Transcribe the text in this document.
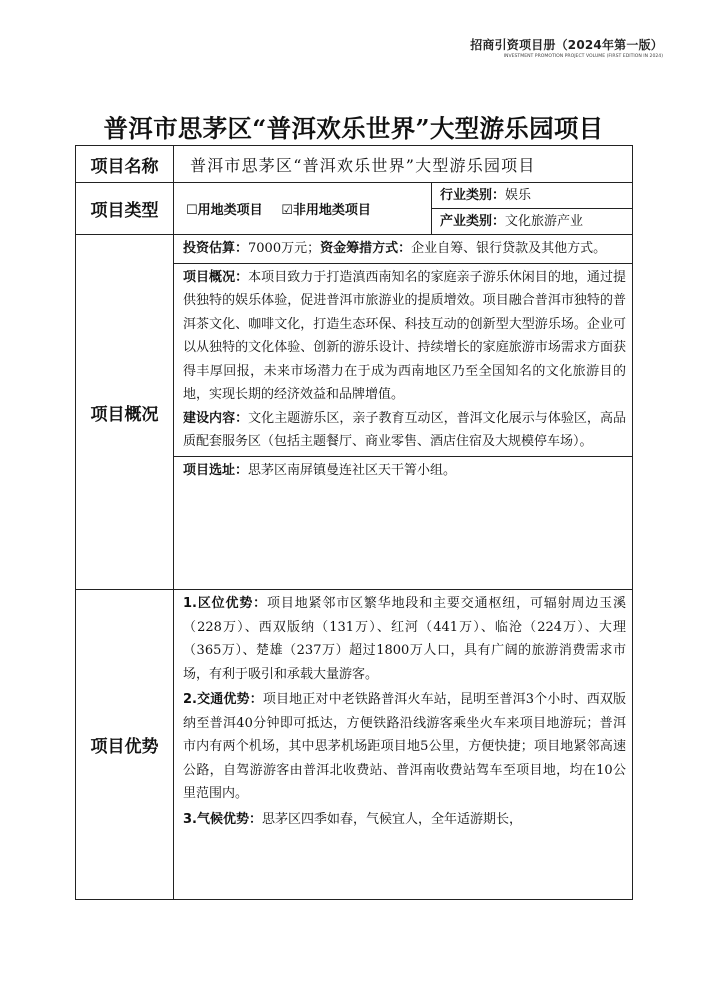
招商引资项目册（2024年第一版）
INVESTMENT PROMOTION PROJECT VOLUME (FIRST EDITION IN 2024)
普洱市思茅区“普洱欢乐世界”大型游乐园项目
项目名称	普洱市思茅区“普洱欢乐世界”大型游乐园项目	
项目类型	☐用地类项目 ☑非用地类项目	行业类别：娱乐
产业类别：文化旅游产业

项目概况	投资估算：7000万元；资金筹措方式：企业自筹、银行贷款及其他方式。
项目概况：本项目致力于打造滇西南知名的家庭亲子游乐休闲目的地，通过提供独特的娱乐体验，促进普洱市旅游业的提质增效。项目融合普洱市独特的普洱茶文化、咖啡文化，打造生态环保、科技互动的创新型大型游乐场。企业可以从独特的文化体验、创新的游乐设计、持续增长的家庭旅游市场需求方面获得丰厚回报，未来市场潜力在于成为西南地区乃至全国知名的文化旅游目的地，实现长期的经济效益和品牌增值。
建设内容：文化主题游乐区，亲子教育互动区，普洱文化展示与体验区，高品质配套服务区（包括主题餐厅、商业零售、酒店住宿及大规模停车场）。
项目选址：思茅区南屏镇曼连社区天干箐小组。	

项目优势	1.区位优势：项目地紧邻市区繁华地段和主要交通枢纽，可辐射周边玉溪（228万）、西双版纳（131万）、红河（441万）、临沧（224万）、大理（365万）、楚雄（237万）超过1800万人口，具有广阔的旅游消费需求市场，有利于吸引和承载大量游客。
2.交通优势：项目地正对中老铁路普洱火车站，昆明至普洱3个小时、西双版纳至普洱40分钟即可抵达，方便铁路沿线游客乘坐火车来项目地游玩；普洱市内有两个机场，其中思茅机场距项目地5公里，方便快捷；项目地紧邻高速公路，自驾游游客由普洱北收费站、普洱南收费站驾车至项目地，均在10公里范围内。
3.气候优势：思茅区四季如春，气候宜人，全年适游期长，	
